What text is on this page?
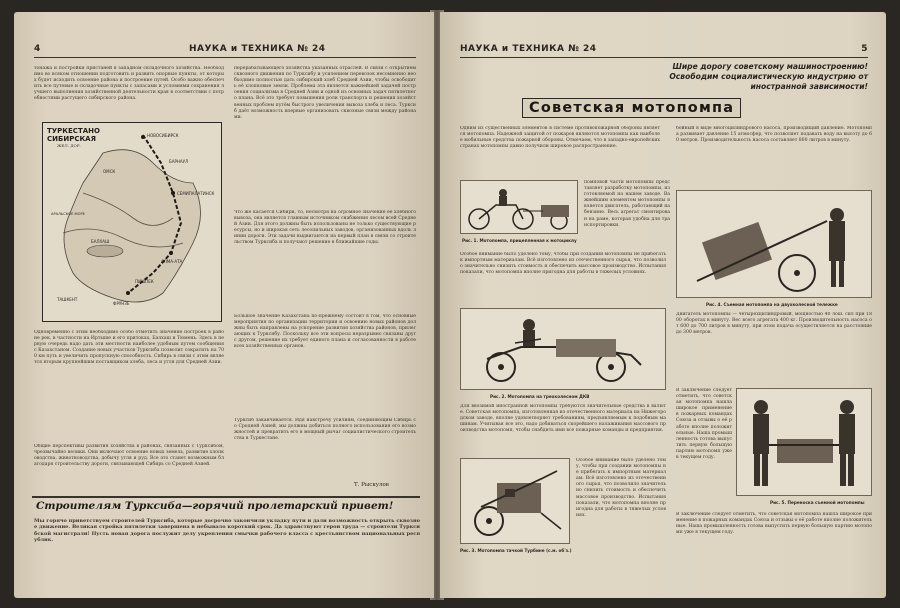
4	НАУКА и ТЕХНИКА № 24
тонажа и постройки пристаней в западном складочного хозяйства. Необходимо во всяком отношении подготовить и развить опорные пункты, от которых будет исходить освоение района и построение путей. Особо важно обеспечить все путевые и складочные пункты с запасами и условиями сохранения лучшего выполнения хозяйственной деятельности края в соответствии с потребностями растущего сибирского района.
ТУРКЕСТАНО
СИБИРСКАЯ
ЖЕЛ. ДОР.
НОВОСИБИРСК
БАРНАУЛ
СЕМИПАЛАТИНСК
АЛМА-АТА
ФРУНЗЕ
ТАШКЕНТ
БАЛХАШ
АРАЛЬСКОЕ МОРЕ
ОМСК
ПИШПЕК
Одновременно с этим необходимо особо отметить значение построек в районе рек, в частности на Иртыше и его притоках, Балхаш и Тюмень. Здесь в первую очередь надо дать эти местности наиболее удобным путем сообщения с Казахстаном. Создание новых участков Турксиба позволит сократить на 700 км путь и увеличить пропускную способность. Сибирь в связи с этим является вторым крупнейшим поставщиком хлеба, леса и угля для Средней Азии.
Общие перспективы развития хозяйства в районах, связанных с Турксибом, чрезвычайно велики. Они включают освоение новых земель, развитие хлопководства, животноводства, добычу угля и руд. Все это станет возможным благодаря строительству дороги, связывающей Сибирь со Средней Азией.
перерабатывающего хозяйства указанных отраслей. В связи с открытием сквозного движения по Турксибу и усилением перевозок несомненно необходимо полностью дать сибирский хлеб Средней Азии, чтобы освободить её хлопковые земли. Проблема эта является важнейшей задачей построения социализма в Средней Азии и одной из основных задач пятилетнего плана. Всё это требует повышения роли транспорта и решения хозяйственных проблем путём быстрого увеличения вывоза хлеба и леса. Турксиб даёт возможность впервые организовать сквозные связи между районами.
Что же касается Сибири, то, несмотря на огромное значение её хлебного вывоза, она является главным источником снабжения лесом всей Средней Азии. Для этого должны быть использованы не только существующие ресурсы, но и широкая сеть лесопильных заводов, организованных вдоль линии дороги. Эти задачи выдвигаются на первый план в связи со строительством Турксиба и получают решение в ближайшие годы.
Большое значение Казахстана по-прежнему состоит в том, что основные мероприятия по организации территории и освоению новых районов должны быть направлены на ускорение развития хозяйства районов, прилегающих к Турксибу. Поскольку все эти вопросы неразрывно связаны друг с другом, решение их требует единого плана и согласованности в работе всех хозяйственных органов.
Турксиб заканчивается. Идя навстречу усилиям, соединяющим Сибирь со Средней Азией, мы должны добиться полного использования его возможностей и превратить его в мощный рычаг социалистического строительства в Туркестане.
Т. Рыскулов
Строителям Турксиба—горячий пролетарский привет!
Мы горячо приветствуем строителей Турксиба, которые досрочно закончили укладку пути и дали возможность открыть сквозное движение. Великая стройка пятилетки завершена в небывало короткий срок. Да здравствуют герои труда — строители Турксибской магистрали! Пусть новая дорога послужит делу укрепления смычки рабочего класса с крестьянством национальных республик.
НАУКА и ТЕХНИКА № 24	5
Шире дорогу советскому машиностроению!
Освободим социалистическую индустрию от иностранной зависимости!
Советская мотопомпа
Одним из существенных элементов в системе противопожарной обороны является мотопомпа. Надежной защитой от пожаров являются мотопомпы как наиболее мобильные средства пожарной обороны. Отмечаем, что в западно-европейских странах мотопомпы давно получили широкое распространение.
Рис. 1. Мотопомпа, прицепленная к мотоциклу
помповой части мотопомпы представляет разработку мотопомпы, изготовляемой на нашем заводе. Важнейшим элементом мотопомпы является двигатель, работающий на бензине. Весь агрегат смонтирован на раме, которая удобна для транспортировки.
Особое внимание было уделено тому, чтобы при создании мотопомпы не прибегать к импортным материалам. Всё изготовлено из отечественного сырья, что позволило значительно снизить стоимость и обеспечить массовое производство. Испытания показали, что мотопомпа вполне пригодна для работы в тяжелых условиях.
Рис. 2. Мотопомпа на трехколесном ДКВ
Для ввозимой иностранной мотопомпы требуются значительные средства в валюте. Советская мотопомпа, изготовленная из отечественного материала на Нижегородском заводе, вполне удовлетворяет требованиям, предъявляемым к подобным машинам. Учитывая все это, надо добиваться скорейшего налаживания массового производства мотопомп, чтобы снабдить ими все пожарные команды и предприятия.
Рис. 3. Мотопомпа тачкой Турбине (с.м. об'з.)
Особое внимание было уделено тому, чтобы при создании мотопомпы не прибегать к импортным материалам. Всё изготовлено из отечественного сырья, что позволило значительно снизить стоимость и обеспечить массовое производство. Испытания показали, что мотопомпа вполне пригодна для работы в тяжелых условиях.
бойный в виде многоцилиндрового насоса, производящий давление. Мотопомпа развивает давление 15 атмосфер, что позволяет подавать воду на высоту до 60 метров. Производительность насоса составляет 800 литров в минуту.
Рис. 4. Съемная мотопомпа на двухколесной тележке
Двигатель мотопомпы — четырёхцилиндровый, мощностью 40 лош. сил при 1800 оборотах в минуту. Вес всего агрегата 400 кг. Производительность насоса от 600 до 700 литров в минуту, при этом подача осуществляется на расстояние до 300 метров.
В заключение следует отметить, что советская мотопомпа нашла широкое применение в пожарных командах Союза и отзывы о её работе вполне положительные. Наша промышленность готова выпустить первую большую партию мотопомп уже в текущем году.
Рис. 5. Переноска съемной мотопомпы
В заключение следует отметить, что советская мотопомпа нашла широкое применение в пожарных командах Союза и отзывы о её работе вполне положительные. Наша промышленность готова выпустить первую большую партию мотопомп уже в текущем году.
